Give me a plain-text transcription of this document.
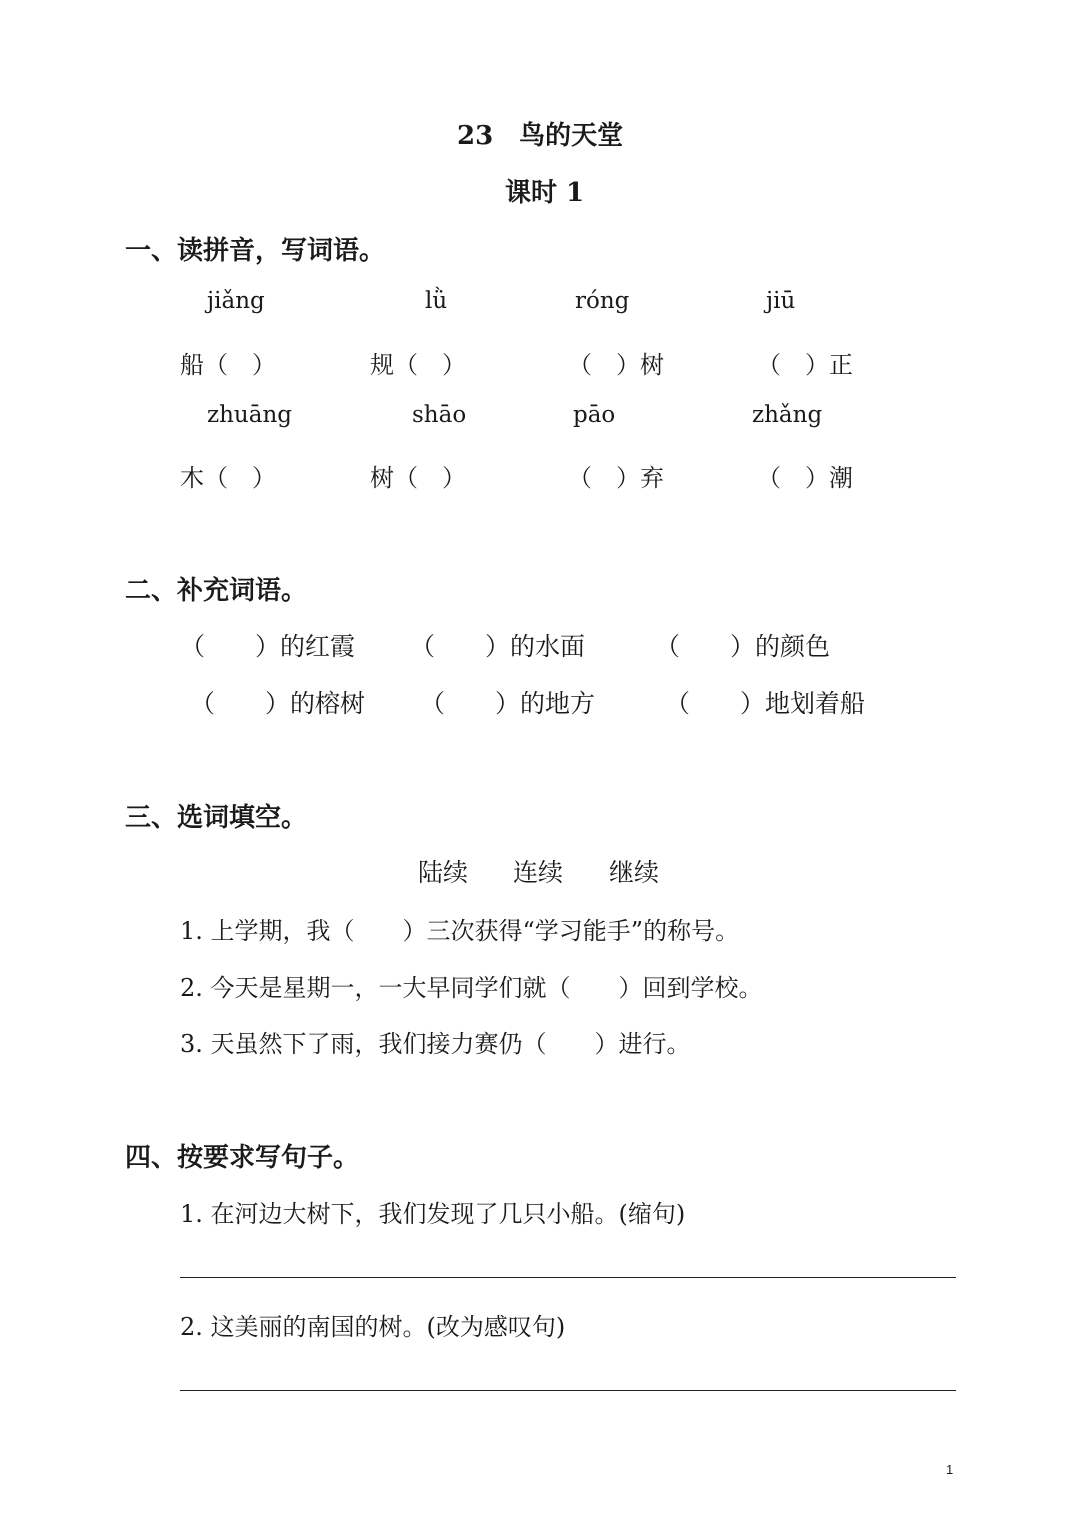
23　鸟的天堂
课时 1
一、读拼音，写词语。
jiǎng	lǜ	róng	jiū
船（　）	规（　）	（　）树	（　）正
zhuāng	shāo	pāo	zhǎng
木（　）	树（　）	（　）弃	（　）潮
二、补充词语。
（　　）的红霞 （　　）的水面	（　　）的颜色
（　　）的榕树 （　　）的地方	（　　）地划着船
三、选词填空。
陆续 连续 继续
1. 上学期，我（　　）三次获得“学习能手”的称号。
2. 今天是星期一，一大早同学们就（　　）回到学校。
3. 天虽然下了雨，我们接力赛仍（　　）进行。
四、按要求写句子。
1. 在河边大树下，我们发现了几只小船。(缩句)
2. 这美丽的南国的树。(改为感叹句)
1
